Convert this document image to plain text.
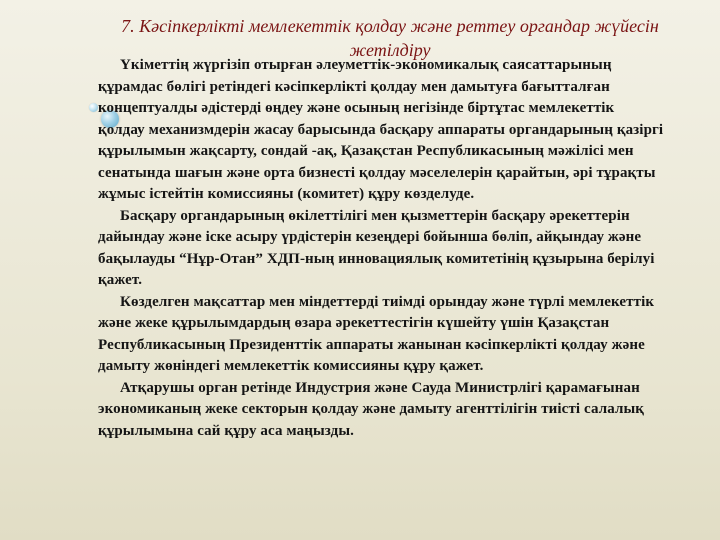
7. Кәсіпкерлікті мемлекеттік қолдау және реттеу органдар жүйесін жетілдіру

Үкіметтің жүргізіп отырған әлеуметтік-экономикалық саясаттарының құрамдас бөлігі ретіндегі кәсіпкерлікті қолдау мен дамытуға бағытталған концептуалды әдістерді өңдеу және осының негізінде біртұтас мемлекеттік қолдау механизмдерін жасау барысында басқару аппараты органдарының қазіргі құрылымын жақсарту, сондай -ақ, Қазақстан Республикасының мәжілісі мен сенатында шағын және орта бизнесті қолдау мәселелерін қарайтын, әрі тұрақты жұмыс істейтін комиссияны (комитет) құру көзделуде.

Басқару органдарының өкілеттілігі мен қызметтерін басқару әрекеттерін дайындау және іске асыру үрдістерін кезеңдері бойынша бөліп, айқындау және бақылауды “Нұр-Отан” ХДП-ның инновациялық комитетінің құзырына берілуі қажет.

Көзделген мақсаттар мен міндеттерді тиімді орындау және түрлі мемлекеттік және жеке құрылымдардың өзара әрекеттестігін күшейту үшін Қазақстан Республикасының Президенттік аппараты жанынан кәсіпкерлікті қолдау және дамыту жөніндегі мемлекеттік комиссияны құру қажет.

Атқарушы орган ретінде Индустрия және Сауда Министрлігі қарамағынан экономиканың жеке секторын қолдау және дамыту агенттілігін тиісті салалық құрылымына сай құру аса маңызды.
